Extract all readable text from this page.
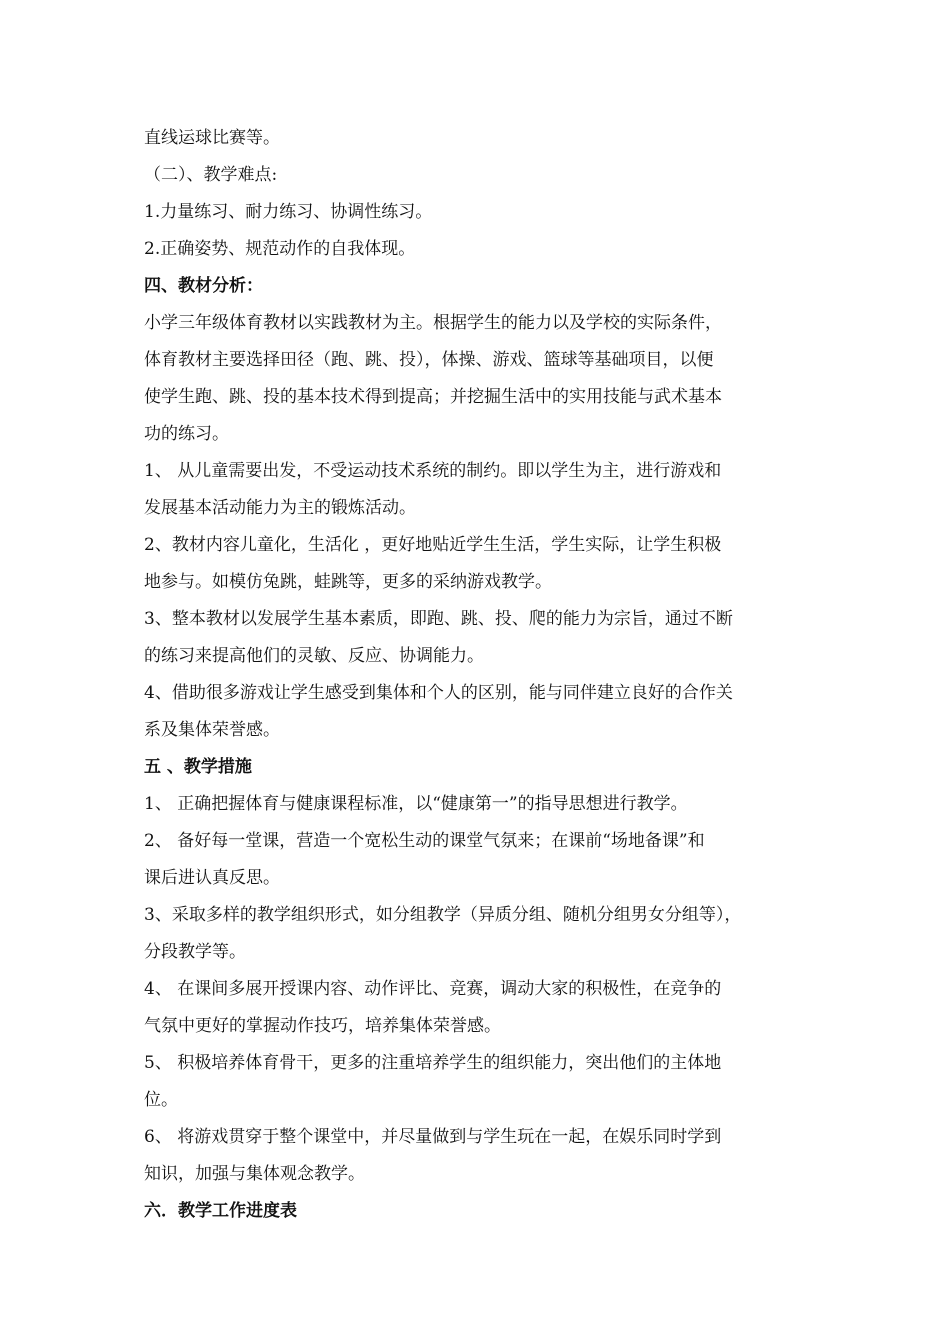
直线运球比赛等。
（二）、教学难点:
1.力量练习、耐力练习、协调性练习。
2.正确姿势、规范动作的自我体现。
四、教材分析：
小学三年级体育教材以实践教材为主。根据学生的能力以及学校的实际条件，
体育教材主要选择田径（跑、跳、投），体操、游戏、篮球等基础项目，以便
使学生跑、跳、投的基本技术得到提高；并挖掘生活中的实用技能与武术基本
功的练习。
1、 从儿童需要出发，不受运动技术系统的制约。即以学生为主，进行游戏和
发展基本活动能力为主的锻炼活动。
2、教材内容儿童化，生活化 ，更好地贴近学生生活，学生实际，让学生积极
地参与。如模仿兔跳，蛙跳等，更多的采纳游戏教学。
3、整本教材以发展学生基本素质，即跑、跳、投、爬的能力为宗旨，通过不断
的练习来提高他们的灵敏、反应、协调能力。
4、借助很多游戏让学生感受到集体和个人的区别，能与同伴建立良好的合作关
系及集体荣誉感。
五 、教学措施
1、 正确把握体育与健康课程标准，以“健康第一”的指导思想进行教学。
2、 备好每一堂课，营造一个宽松生动的课堂气氛来；在课前“场地备课”和
课后进认真反思。
3、采取多样的教学组织形式，如分组教学（异质分组、随机分组男女分组等），
分段教学等。
4、 在课间多展开授课内容、动作评比、竞赛，调动大家的积极性，在竞争的
气氛中更好的掌握动作技巧，培养集体荣誉感。
5、 积极培养体育骨干，更多的注重培养学生的组织能力，突出他们的主体地
位。
6、 将游戏贯穿于整个课堂中，并尽量做到与学生玩在一起，在娱乐同时学到
知识，加强与集体观念教学。
六．教学工作进度表
